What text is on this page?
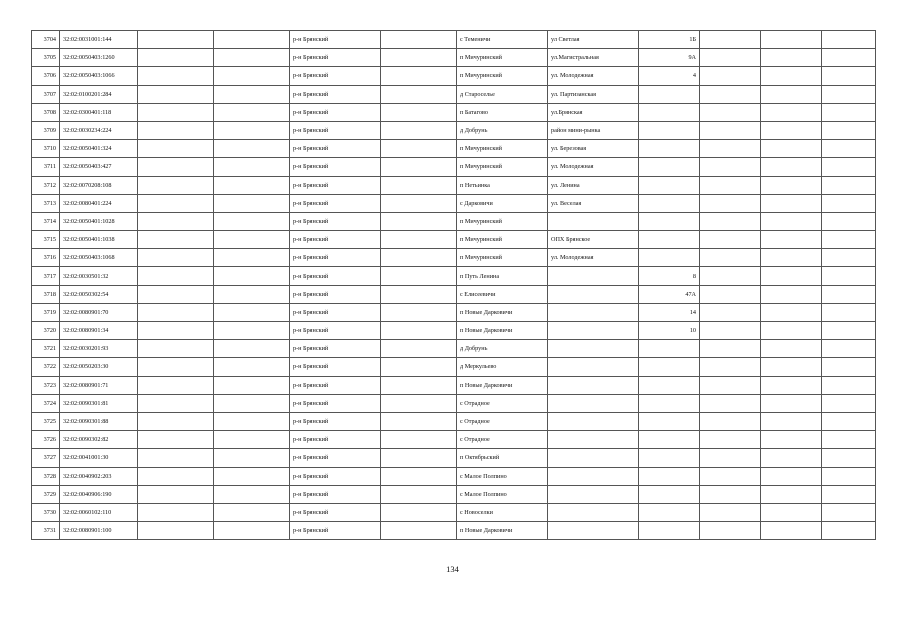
3704	32:02:0031001:144			р-н Брянский		с Теменичи	ул Светлая	1Б			
3705	32:02:0050403:1260			р-н Брянский		п Мичуринский	ул.Магистральная	9А			
3706	32:02:0050403:1066			р-н Брянский		п Мичуринский	ул. Молодежная	4			
3707	32:02:0100201:284			р-н Брянский		д Староселье	ул. Партизанская				
3708	32:02:0300401:118			р-н Брянский		п Батагово	ул.Брянская				
3709	32:02:0030234:224			р-н Брянский		д Добрунь	район мини-рынка				
3710	32:02:0050401:324			р-н Брянский		п Мичуринский	ул. Березовая				
3711	32:02:0050403:427			р-н Брянский		п Мичуринский	ул. Молодежная				
3712	32:02:0070208:108			р-н Брянский		п Нетьинка	ул. Ленина				
3713	32:02:0080401:224			р-н Брянский		с Дарковичи	ул. Веселая				
3714	32:02:0050401:1028			р-н Брянский		п Мичуринский					
3715	32:02:0050401:1038			р-н Брянский		п Мичуринский	ОПХ Брянское				
3716	32:02:0050403:1068			р-н Брянский		п Мичуринский	ул. Молодежная				
3717	32:02:0030501:32			р-н Брянский		п Путь Ленина		8			
3718	32:02:0050302:54			р-н Брянский		с Елисеевичи		47А			
3719	32:02:0080901:70			р-н Брянский		п Новые Дарковичи		14			
3720	32:02:0080901:34			р-н Брянский		п Новые Дарковичи		10			
3721	32:02:0030201:93			р-н Брянский		д Добрунь					
3722	32:02:0050203:30			р-н Брянский		д Меркульево					
3723	32:02:0080901:71			р-н Брянский		п Новые Дарковичи					
3724	32:02:0090301:81			р-н Брянский		с Отрадное					
3725	32:02:0090301:88			р-н Брянский		с Отрадное					
3726	32:02:0090302:82			р-н Брянский		с Отрадное					
3727	32:02:0041001:30			р-н Брянский		п Октябрьский					
3728	32:02:0040902:203			р-н Брянский		с Малое Полпино					
3729	32:02:0040906:190			р-н Брянский		с Малое Полпино					
3730	32:02:0060102:110			р-н Брянский		с Новоселки					
3731	32:02:0080901:100			р-н Брянский		п Новые Дарковичи					
134
